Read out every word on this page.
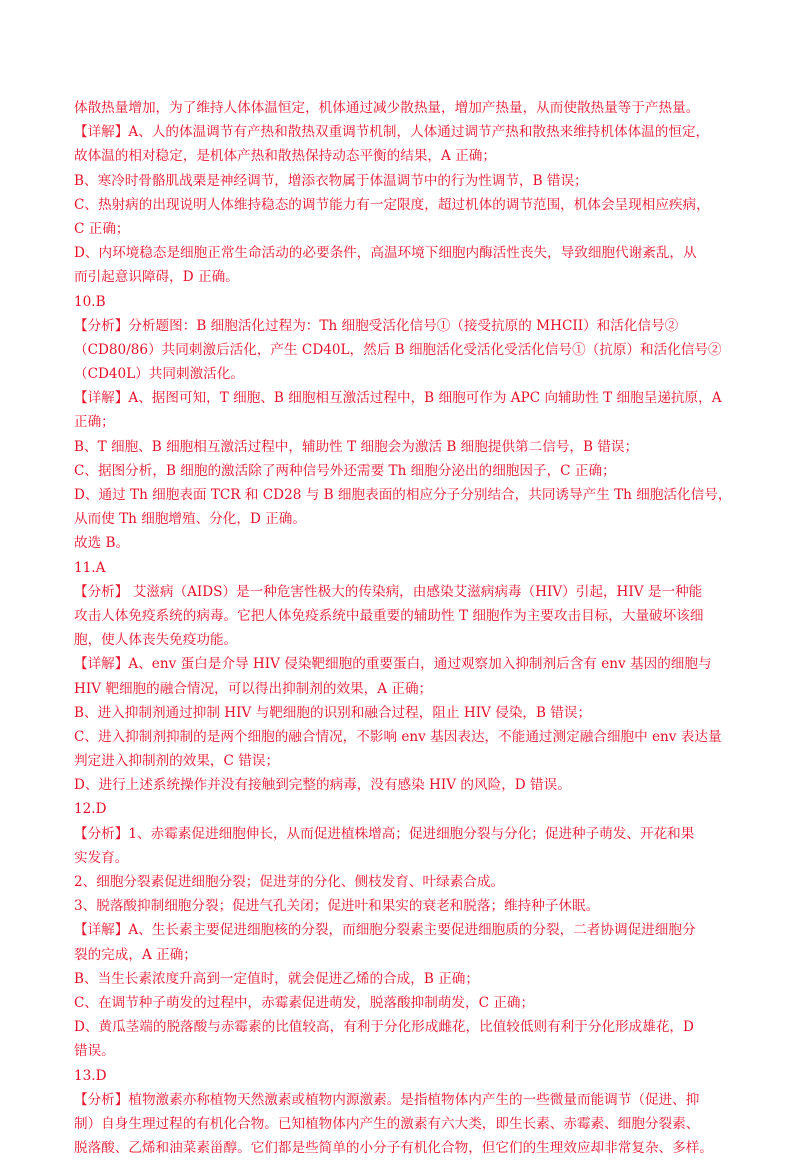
体散热量增加，为了维持人体体温恒定，机体通过减少散热量，增加产热量，从而使散热量等于产热量。
【详解】A、人的体温调节有产热和散热双重调节机制，人体通过调节产热和散热来维持机体体温的恒定，
故体温的相对稳定，是机体产热和散热保持动态平衡的结果，A 正确；
B、寒冷时骨骼肌战栗是神经调节，增添衣物属于体温调节中的行为性调节，B 错误；
C、热射病的出现说明人体维持稳态的调节能力有一定限度，超过机体的调节范围，机体会呈现相应疾病，
C 正确；
D、内环境稳态是细胞正常生命活动的必要条件，高温环境下细胞内酶活性丧失，导致细胞代谢紊乱，从
而引起意识障碍，D 正确。
10.B
【分析】分析题图：B 细胞活化过程为：Th 细胞受活化信号①（接受抗原的 MHCII）和活化信号②
（CD80/86）共同刺激后活化，产生 CD40L，然后 B 细胞活化受活化受活化信号①（抗原）和活化信号②
（CD40L）共同刺激活化。
【详解】A、据图可知，T 细胞、B 细胞相互激活过程中，B 细胞可作为 APC 向辅助性 T 细胞呈递抗原，A
正确；
B、T 细胞、B 细胞相互激活过程中，辅助性 T 细胞会为激活 B 细胞提供第二信号，B 错误；
C、据图分析，B 细胞的激活除了两种信号外还需要 Th 细胞分泌出的细胞因子，C 正确；
D、通过 Th 细胞表面 TCR 和 CD28 与 B 细胞表面的相应分子分别结合，共同诱导产生 Th 细胞活化信号，
从而使 Th 细胞增殖、分化，D 正确。
故选 B。
11.A
【分析】 艾滋病（AIDS）是一种危害性极大的传染病，由感染艾滋病病毒（HIV）引起，HIV 是一种能
攻击人体免疫系统的病毒。它把人体免疫系统中最重要的辅助性 T 细胞作为主要攻击目标，大量破坏该细
胞，使人体丧失免疫功能。
【详解】A、env 蛋白是介导 HIV 侵染靶细胞的重要蛋白，通过观察加入抑制剂后含有 env 基因的细胞与
HIV 靶细胞的融合情况，可以得出抑制剂的效果，A 正确；
B、进入抑制剂通过抑制 HIV 与靶细胞的识别和融合过程，阻止 HIV 侵染，B 错误；
C、进入抑制剂抑制的是两个细胞的融合情况，不影响 env 基因表达，不能通过测定融合细胞中 env 表达量
判定进入抑制剂的效果，C 错误；
D、进行上述系统操作并没有接触到完整的病毒，没有感染 HIV 的风险，D 错误。
12.D
【分析】1、赤霉素促进细胞伸长，从而促进植株增高；促进细胞分裂与分化；促进种子萌发、开花和果
实发育。
2、细胞分裂素促进细胞分裂；促进芽的分化、侧枝发育、叶绿素合成。
3、脱落酸抑制细胞分裂；促进气孔关闭；促进叶和果实的衰老和脱落；维持种子休眠。
【详解】A、生长素主要促进细胞核的分裂，而细胞分裂素主要促进细胞质的分裂，二者协调促进细胞分
裂的完成，A 正确；
B、当生长素浓度升高到一定值时，就会促进乙烯的合成，B 正确；
C、在调节种子萌发的过程中，赤霉素促进萌发，脱落酸抑制萌发，C 正确；
D、黄瓜茎端的脱落酸与赤霉素的比值较高，有利于分化形成雌花，比值较低则有利于分化形成雄花，D
错误。
13.D
【分析】植物激素亦称植物天然激素或植物内源激素。是指植物体内产生的一些微量而能调节（促进、抑
制）自身生理过程的有机化合物。已知植物体内产生的激素有六大类，即生长素、赤霉素、细胞分裂素、
脱落酸、乙烯和油菜素甾醇。它们都是些简单的小分子有机化合物，但它们的生理效应却非常复杂、多样。
